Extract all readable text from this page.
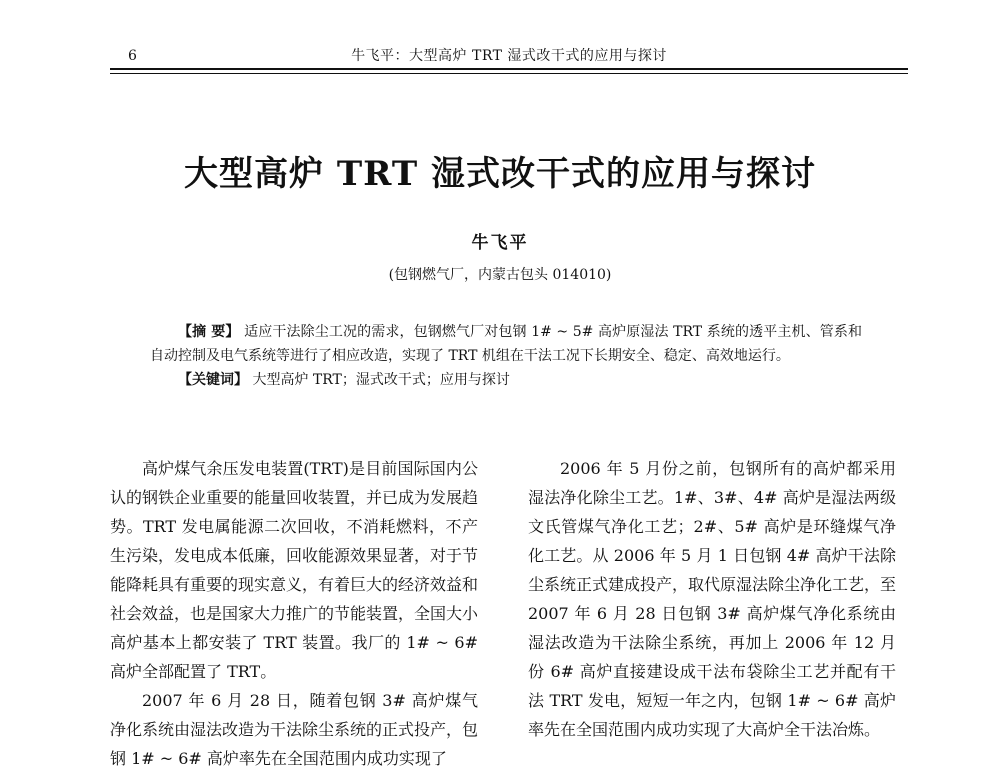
6	牛飞平：大型高炉 TRT 湿式改干式的应用与探讨
大型高炉 TRT 湿式改干式的应用与探讨
牛飞平
(包钢燃气厂，内蒙古包头 014010)

【摘 要】 适应干法除尘工况的需求，包钢燃气厂对包钢 1# ~ 5# 高炉原湿法 TRT 系统的透平主机、管系和自动控制及电气系统等进行了相应改造，实现了 TRT 机组在干法工况下长期安全、稳定、高效地运行。

【关键词】 大型高炉 TRT；湿式改干式；应用与探讨

高炉煤气余压发电装置(TRT)是目前国际国内公认的钢铁企业重要的能量回收装置，并已成为发展趋势。TRT 发电属能源二次回收，不消耗燃料，不产生污染，发电成本低廉，回收能源效果显著，对于节能降耗具有重要的现实意义，有着巨大的经济效益和社会效益，也是国家大力推广的节能装置，全国大小高炉基本上都安装了 TRT 装置。我厂的 1# ~ 6# 高炉全部配置了 TRT。

2007 年 6 月 28 日，随着包钢 3# 高炉煤气净化系统由湿法改造为干法除尘系统的正式投产，包钢 1# ~ 6# 高炉率先在全国范围内成功实现了

2006 年 5 月份之前，包钢所有的高炉都采用湿法净化除尘工艺。1#、3#、4# 高炉是湿法两级文氏管煤气净化工艺；2#、5# 高炉是环缝煤气净化工艺。从 2006 年 5 月 1 日包钢 4# 高炉干法除尘系统正式建成投产，取代原湿法除尘净化工艺，至 2007 年 6 月 28 日包钢 3# 高炉煤气净化系统由湿法改造为干法除尘系统，再加上 2006 年 12 月份 6# 高炉直接建设成干法布袋除尘工艺并配有干法 TRT 发电，短短一年之内，包钢 1# ~ 6# 高炉率先在全国范围内成功实现了大高炉全干法冶炼。
